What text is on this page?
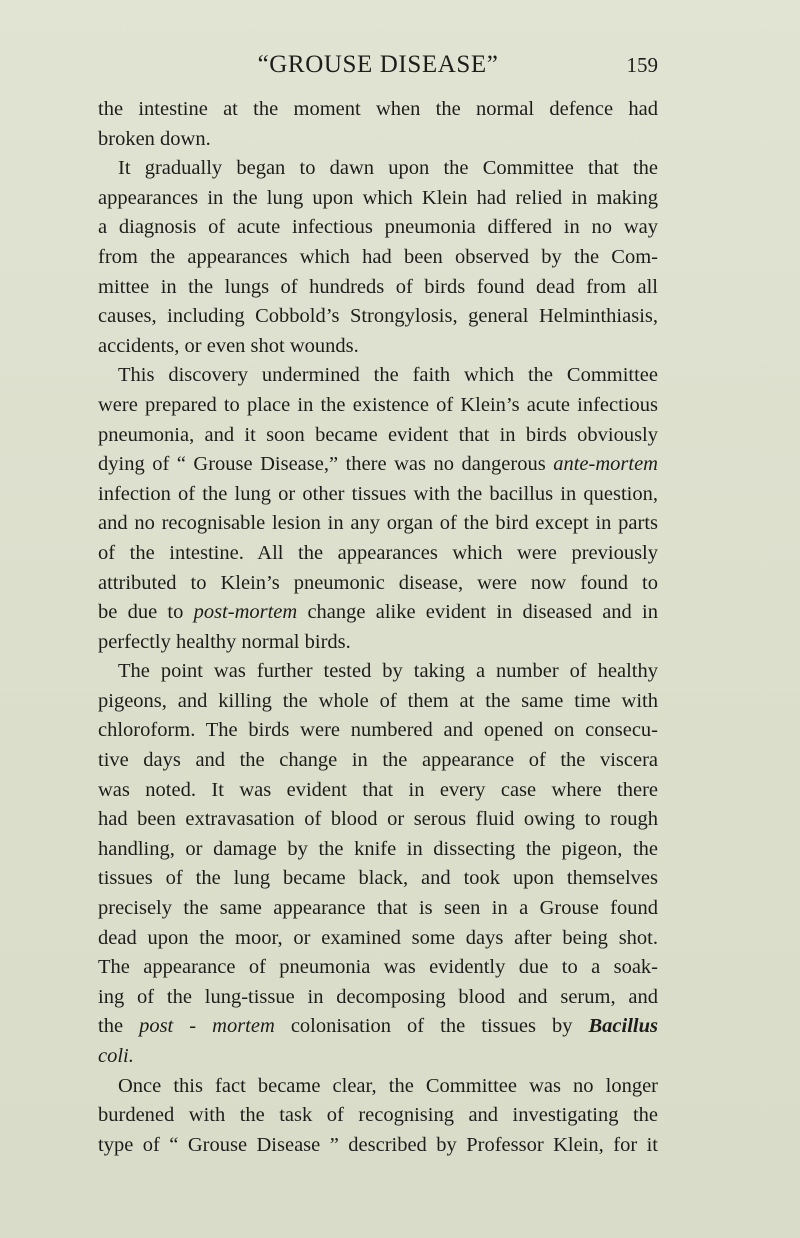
“GROUSE DISEASE”	159
the intestine at the moment when the normal defence had
broken down.
It gradually began to dawn upon the Committee that the
appearances in the lung upon which Klein had relied in making
a diagnosis of acute infectious pneumonia differed in no way
from the appearances which had been observed by the Com-
mittee in the lungs of hundreds of birds found dead from all
causes, including Cobbold’s Strongylosis, general Helminthiasis,
accidents, or even shot wounds.
This discovery undermined the faith which the Committee
were prepared to place in the existence of Klein’s acute infectious
pneumonia, and it soon became evident that in birds obviously
dying of “ Grouse Disease,” there was no dangerous ante-mortem
infection of the lung or other tissues with the bacillus in question,
and no recognisable lesion in any organ of the bird except in parts
of the intestine. All the appearances which were previously
attributed to Klein’s pneumonic disease, were now found to
be due to post-mortem change alike evident in diseased and in
perfectly healthy normal birds.
The point was further tested by taking a number of healthy
pigeons, and killing the whole of them at the same time with
chloroform. The birds were numbered and opened on consecu-
tive days and the change in the appearance of the viscera
was noted. It was evident that in every case where there
had been extravasation of blood or serous fluid owing to rough
handling, or damage by the knife in dissecting the pigeon, the
tissues of the lung became black, and took upon themselves
precisely the same appearance that is seen in a Grouse found
dead upon the moor, or examined some days after being shot.
The appearance of pneumonia was evidently due to a soak-
ing of the lung-tissue in decomposing blood and serum, and
the post - mortem colonisation of the tissues by Bacillus
coli.
Once this fact became clear, the Committee was no longer
burdened with the task of recognising and investigating the
type of “ Grouse Disease ” described by Professor Klein, for it
